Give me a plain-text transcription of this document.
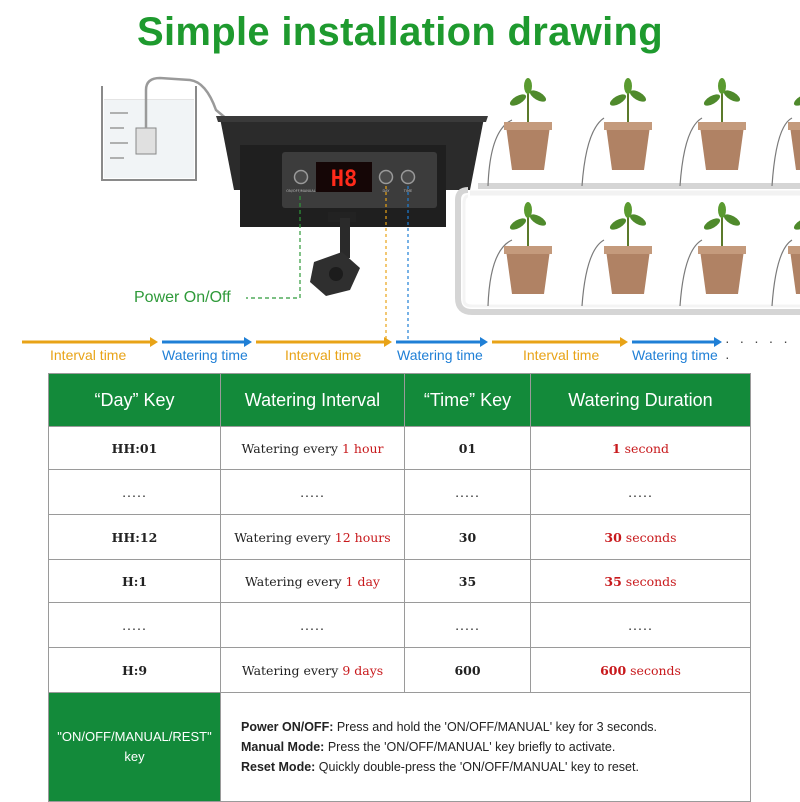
Simple installation drawing
H8
ON/OFF/MANUAL	DAY	TIME
Power On/Off
Interval time	Watering time	Interval time	Watering time	Interval time Watering time
· · · · · ·
“Day” Key	Watering Interval	“Time” Key	Watering Duration
HH:01	Watering every 1 hour	01	1 second
.....	.....	.....	.....
HH:12	Watering every 12 hours	30	30 seconds
H:1	Watering every 1 day	35	35 seconds
.....	.....	.....	.....
H:9	Watering every 9 days	600	600 seconds
"ON/OFF/MANUAL/REST" key	Power ON/OFF: Press and hold the 'ON/OFF/MANUAL' key for 3 seconds.
Manual Mode: Press the 'ON/OFF/MANUAL' key briefly to activate.
Reset Mode: Quickly double-press the 'ON/OFF/MANUAL' key to reset.		
